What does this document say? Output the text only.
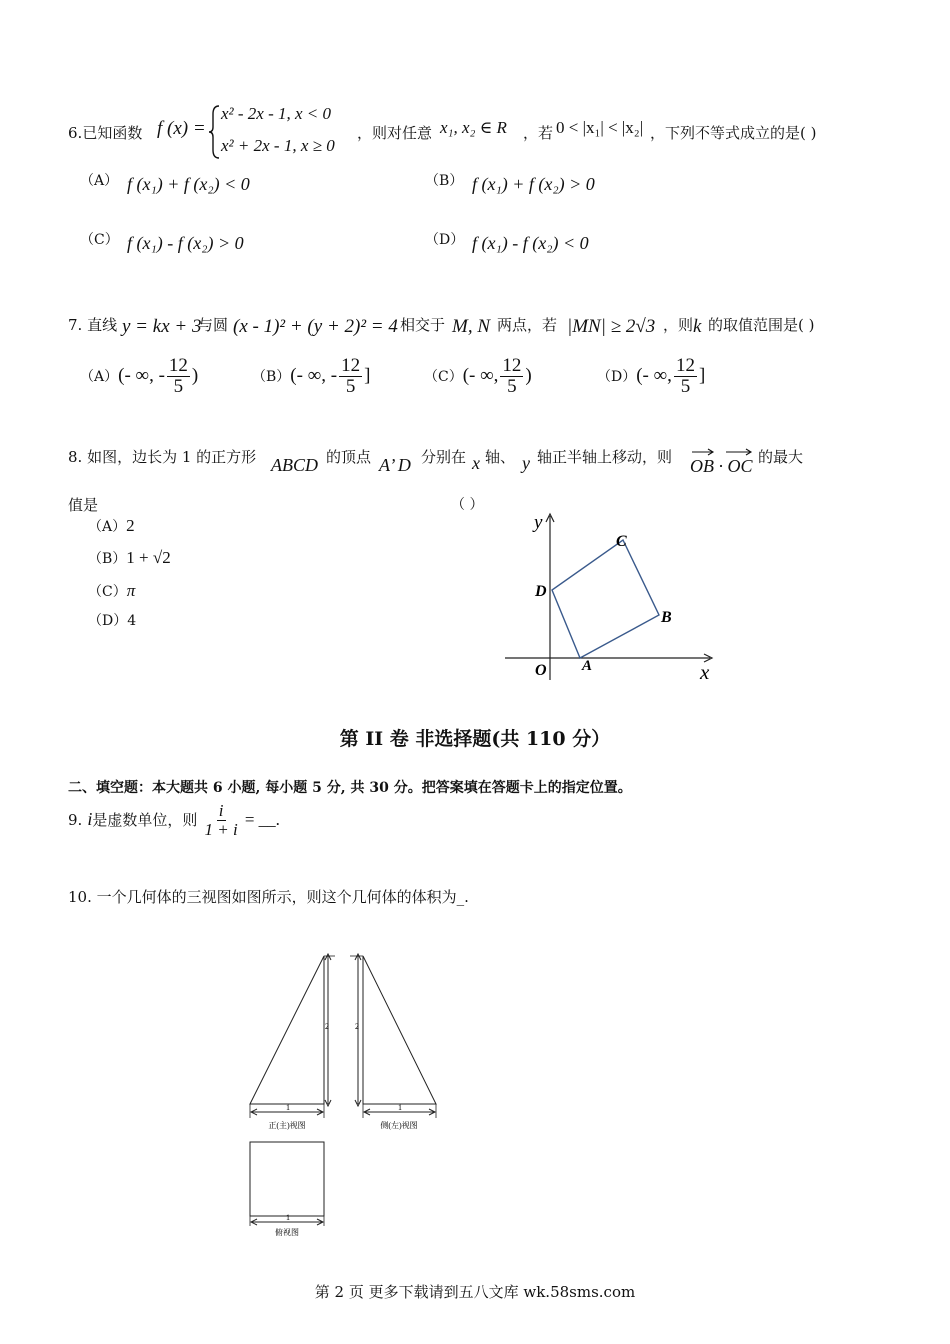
6.已知函数 f (x) =
x² - 2x - 1, x < 0
x² + 2x - 1, x ≥ 0
，则对任意 x₁, x₂ ∈ R ，若 0 < |x₁| < |x₂| ，下列不等式成立的是( )
（A） f (x₁) + f (x₂) < 0	（B） f (x₁) + f (x₂) > 0
（C） f (x₁) - f (x₂) > 0	（D） f (x₁) - f (x₂) < 0
7. 直线 y = kx + 3
与圆 (x - 1)² + (y + 2)² = 4 相交于 M, N 两点，若 |MN| ≥ 2√3 ，则 k 的取值范围是( )
（A）(- ∞, - $\frac{12}{5}$ )	（B）(- ∞, - $\frac{12}{5}$ ]	（C）(- ∞, $\frac{12}{5}$ )	（D）(- ∞, $\frac{12}{5}$ ]
8. 如图，边长为 1 的正方形 ABCD 的顶点 A’ D 分别在 x 轴、 y 轴正半轴上移动，则 OB · OC 的最大
值是	（ ）
（A）2
（B）1 + √2
（C）π
（D）4
y
x
O A
B
C
D
第 II 卷 非选择题(共 110 分）
二、填空题：本大题共 6 小题, 每小题 5 分, 共 30 分。把答案填在答题卡上的指定位置。
9. i是虚数单位，则 $\frac{i}{1 + i}$ = __.
10. 一个几何体的三视图如图所示，则这个几何体的体积为_.
2
1
正(主)视图
2
1
侧(左)视图
1
俯视图
第 2 页 更多下载请到五八文库 wk.58sms.com
